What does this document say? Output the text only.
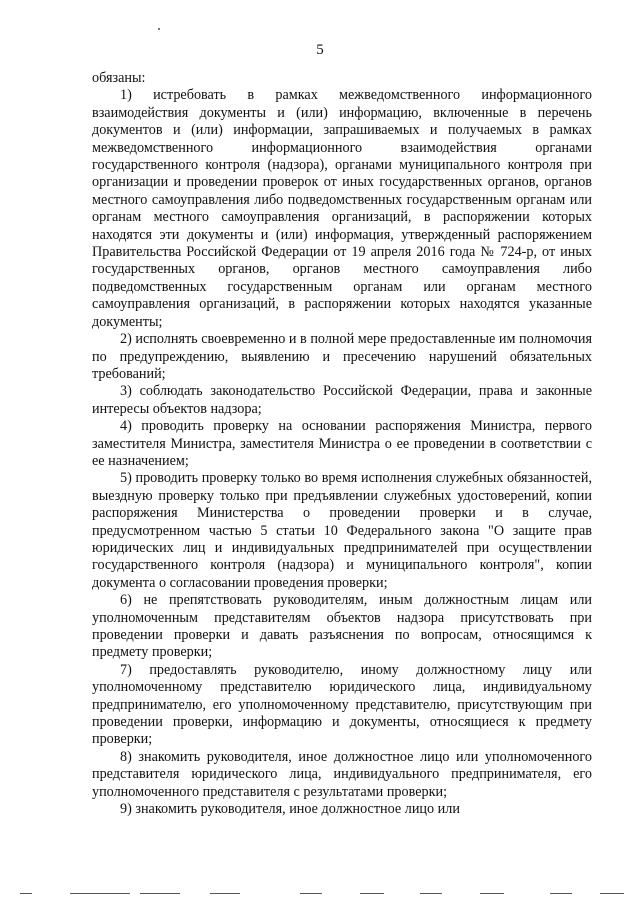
5

обязаны:

1) истребовать в рамках межведомственного информационного взаимодействия документы и (или) информацию, включенные в перечень документов и (или) информации, запрашиваемых и получаемых в рамках межведомственного информационного взаимодействия органами государственного контроля (надзора), органами муниципального контроля при организации и проведении проверок от иных государственных органов, органов местного самоуправления либо подведомственных государственным органам или органам местного самоуправления организаций, в распоряжении которых находятся эти документы и (или) информация, утвержденный распоряжением Правительства Российской Федерации от 19 апреля 2016 года № 724-р, от иных государственных органов, органов местного самоуправления либо подведомственных государственным органам или органам местного самоуправления организаций, в распоряжении которых находятся указанные документы;

2) исполнять своевременно и в полной мере предоставленные им полномочия по предупреждению, выявлению и пресечению нарушений обязательных требований;

3) соблюдать законодательство Российской Федерации, права и законные интересы объектов надзора;

4) проводить проверку на основании распоряжения Министра, первого заместителя Министра, заместителя Министра о ее проведении в соответствии с ее назначением;

5) проводить проверку только во время исполнения служебных обязанностей, выездную проверку только при предъявлении служебных удостоверений, копии распоряжения Министерства о проведении проверки и в случае, предусмотренном частью 5 статьи 10 Федерального закона "О защите прав юридических лиц и индивидуальных предпринимателей при осуществлении государственного контроля (надзора) и муниципального контроля", копии документа о согласовании проведения проверки;

6) не препятствовать руководителям, иным должностным лицам или уполномоченным представителям объектов надзора присутствовать при проведении проверки и давать разъяснения по вопросам, относящимся к предмету проверки;

7) предоставлять руководителю, иному должностному лицу или уполномоченному представителю юридического лица, индивидуальному предпринимателю, его уполномоченному представителю, присутствующим при проведении проверки, информацию и документы, относящиеся к предмету проверки;

8) знакомить руководителя, иное должностное лицо или уполномоченного представителя юридического лица, индивидуального предпринимателя, его уполномоченного представителя с результатами проверки;

9) знакомить руководителя, иное должностное лицо или
